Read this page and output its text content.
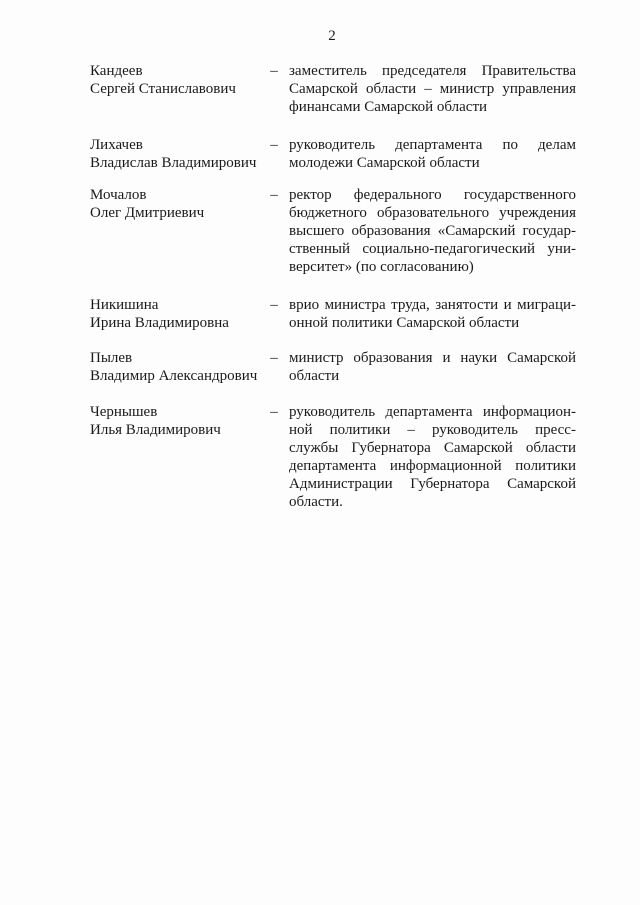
2
Кандеев
Сергей Станиславович
– заместитель председателя Правительства
Самарской области – министр управления
финансами Самарской области
Лихачев
Владислав Владимирович
– руководитель департамента по делам
молодежи Самарской области
Мочалов
Олег Дмитриевич
– ректор федерального государственного
бюджетного образовательного учреждения
высшего образования «Самарский государ-
ственный социально-педагогический уни-
верситет» (по согласованию)
Никишина
Ирина Владимировна
– врио министра труда, занятости и миграци-
онной политики Самарской области
Пылев
Владимир Александрович
– министр образования и науки Самарской
области
Чернышев
Илья Владимирович
– руководитель департамента информацион-
ной политики – руководитель пресс-
службы Губернатора Самарской области
департамента информационной политики
Администрации Губернатора Самарской
области.
